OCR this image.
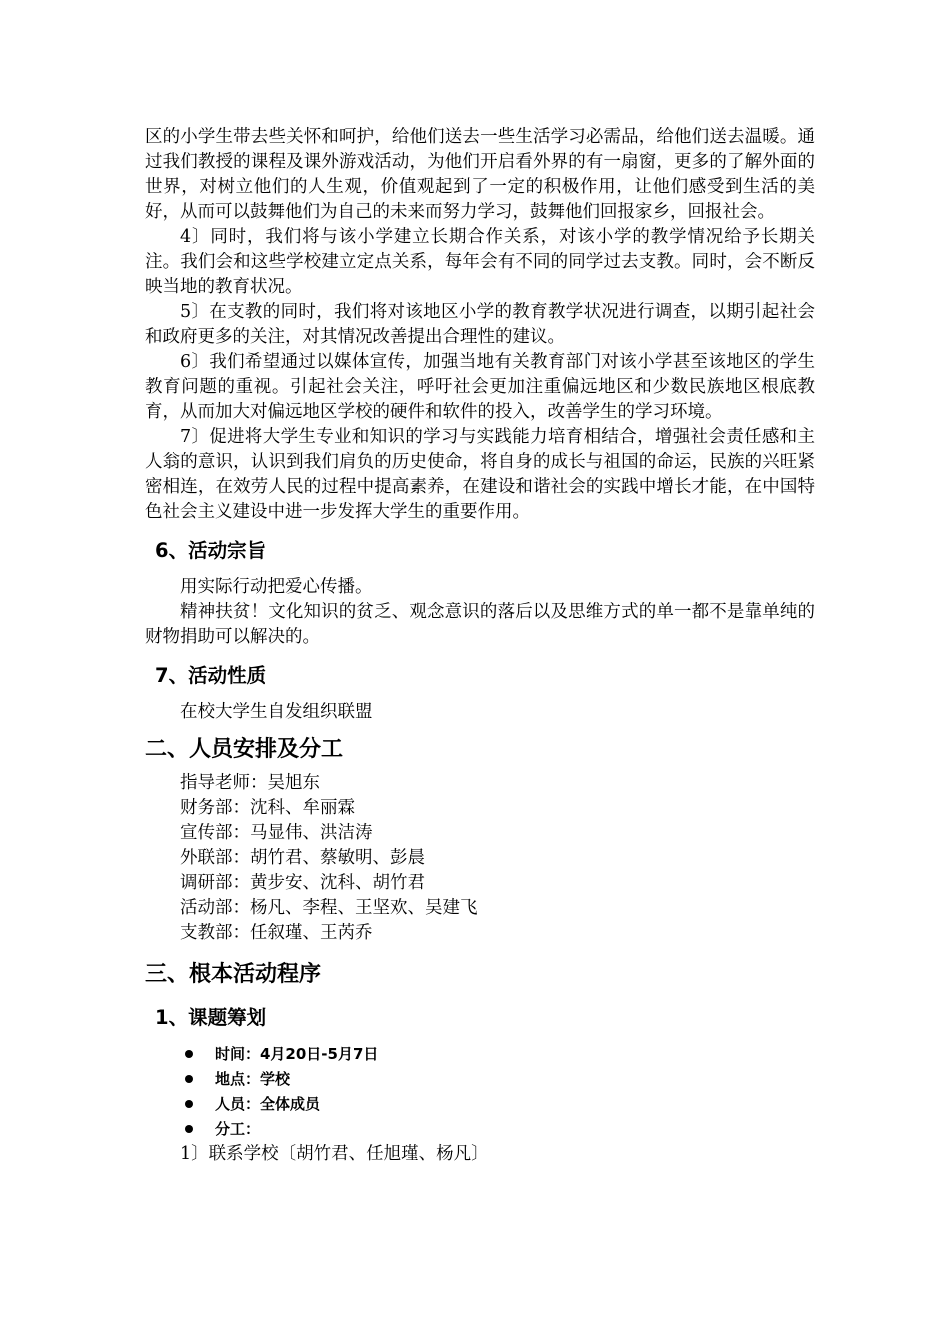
区的小学生带去些关怀和呵护，给他们送去一些生活学习必需品，给他们送去温暖。通过我们教授的课程及课外游戏活动，为他们开启看外界的有一扇窗，更多的了解外面的世界，对树立他们的人生观，价值观起到了一定的积极作用，让他们感受到生活的美好，从而可以鼓舞他们为自己的未来而努力学习，鼓舞他们回报家乡，回报社会。

4〕同时，我们将与该小学建立长期合作关系，对该小学的教学情况给予长期关注。我们会和这些学校建立定点关系，每年会有不同的同学过去支教。同时，会不断反映当地的教育状况。

5〕在支教的同时，我们将对该地区小学的教育教学状况进行调查，以期引起社会和政府更多的关注，对其情况改善提出合理性的建议。

6〕我们希望通过以媒体宣传，加强当地有关教育部门对该小学甚至该地区的学生教育问题的重视。引起社会关注，呼吁社会更加注重偏远地区和少数民族地区根底教育，从而加大对偏远地区学校的硬件和软件的投入，改善学生的学习环境。

7〕促进将大学生专业和知识的学习与实践能力培育相结合，增强社会责任感和主人翁的意识，认识到我们肩负的历史使命，将自身的成长与祖国的命运，民族的兴旺紧密相连，在效劳人民的过程中提高素养，在建设和谐社会的实践中增长才能，在中国特色社会主义建设中进一步发挥大学生的重要作用。

6、活动宗旨

用实际行动把爱心传播。

精神扶贫！文化知识的贫乏、观念意识的落后以及思维方式的单一都不是靠单纯的财物捐助可以解决的。

7、活动性质

在校大学生自发组织联盟

二、人员安排及分工

指导老师：吴旭东

财务部：沈科、牟丽霖

宣传部：马显伟、洪洁涛

外联部：胡竹君、蔡敏明、彭晨

调研部：黄步安、沈科、胡竹君

活动部：杨凡、李程、王坚欢、吴建飞

支教部：任叙瑾、王芮乔

三、根本活动程序
1、课题筹划
时间：4月20日-5月7日
地点：学校
人员：全体成员
分工：

1〕联系学校〔胡竹君、任旭瑾、杨凡〕
